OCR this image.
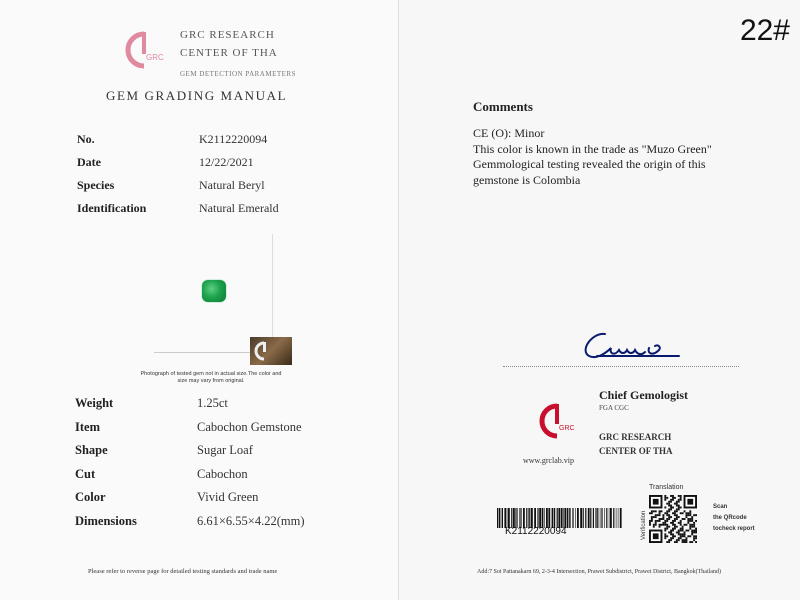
GRC
GRC RESEARCH
CENTER OF THA
GEM DETECTION PARAMETERS
GEM GRADING MANUAL
No.	K2112220094
Date	12/22/2021
Species	Natural Beryl
Identification	Natural Emerald
Photograph of tested gem not in actual size.The color and size may vary from original.
Weight	1.25ct
Item	Cabochon Gemstone
Shape	Sugar Loaf
Cut	Cabochon
Color	Vivid Green
Dimensions	6.61×6.55×4.22(mm)
Please refer to reverse page for detailed testing standards and trade name
22#
Comments
CE (O): Minor
This color is known in the trade as "Muzo Green"
Gemmological testing revealed the origin of this
gemstone is Colombia
GRC
www.grclab.vip
Chief Gemologist
FGA CGC
GRC RESEARCH
CENTER OF THA
K2112220094
Translation
Verification
Scan
the QRcode
tocheck report
Add:7 Soi Pattanakarn 69, 2-3-4 Intersection, Prawet Subdistrict, Prawet District, Bangkok(Thailand)
